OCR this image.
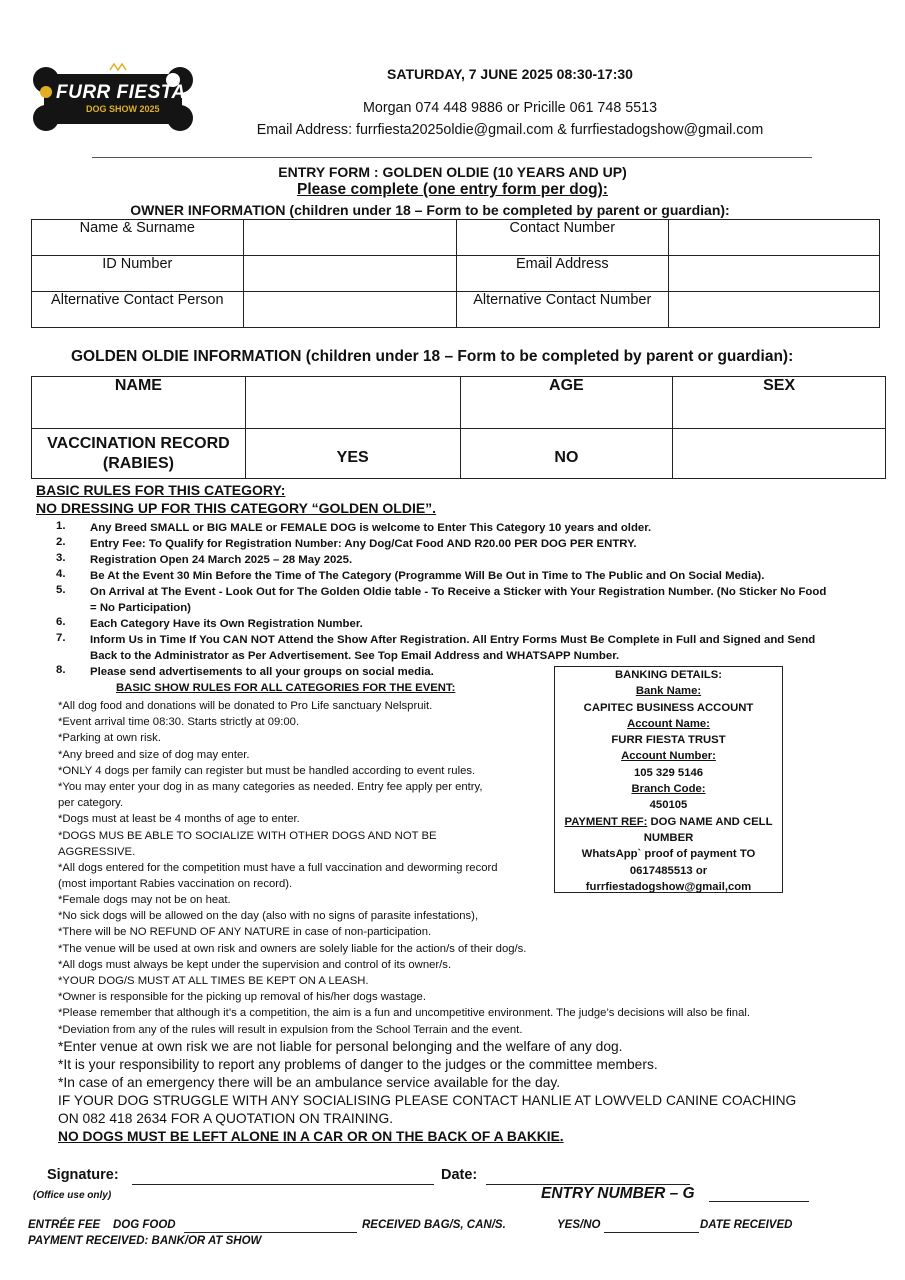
FURR FIESTA
DOG SHOW 2025
SATURDAY, 7 JUNE 2025 08:30-17:30
Morgan 074 448 9886 or Pricille 061 748 5513
Email Address: furrfiesta2025oldie@gmail.com & furrfiestadogshow@gmail.com
ENTRY FORM : GOLDEN OLDIE (10 YEARS AND UP)
Please complete (one entry form per dog):
OWNER INFORMATION (children under 18 – Form to be completed by parent or guardian):
Name & Surname		Contact Number	
ID Number		Email Address	
Alternative Contact Person		Alternative Contact Number	
GOLDEN OLDIE INFORMATION (children under 18 – Form to be completed by parent or guardian):
NAME		AGE	SEX
VACCINATION RECORD
(RABIES)	YES	NO	
BASIC RULES FOR THIS CATEGORY:
NO DRESSING UP FOR THIS CATEGORY “GOLDEN OLDIE”.
1. Any Breed SMALL or BIG MALE or FEMALE DOG is welcome to Enter This Category 10 years and older.
2. Entry Fee: To Qualify for Registration Number: Any Dog/Cat Food AND R20.00 PER DOG PER ENTRY.
3. Registration Open 24 March 2025 – 28 May 2025.
4. Be At the Event 30 Min Before the Time of The Category (Programme Will Be Out in Time to The Public and On Social Media).
5. On Arrival at The Event - Look Out for The Golden Oldie table - To Receive a Sticker with Your Registration Number. (No Sticker No Food = No Participation)
6. Each Category Have its Own Registration Number.
7. Inform Us in Time If You CAN NOT Attend the Show After Registration. All Entry Forms Must Be Complete in Full and Signed and Send Back to the Administrator as Per Advertisement. See Top Email Address and WHATSAPP Number.
8. Please send advertisements to all your groups on social media.
BASIC SHOW RULES FOR ALL CATEGORIES FOR THE EVENT:
*All dog food and donations will be donated to Pro Life sanctuary Nelspruit.
*Event arrival time 08:30. Starts strictly at 09:00.
*Parking at own risk.
*Any breed and size of dog may enter.
*ONLY 4 dogs per family can register but must be handled according to event rules.
*You may enter your dog in as many categories as needed. Entry fee apply per entry,
per category.
*Dogs must at least be 4 months of age to enter.
*DOGS MUS BE ABLE TO SOCIALIZE WITH OTHER DOGS AND NOT BE
AGGRESSIVE.
*All dogs entered for the competition must have a full vaccination and deworming record
(most important Rabies vaccination on record).
*Female dogs may not be on heat.
*No sick dogs will be allowed on the day (also with no signs of parasite infestations),
*There will be NO REFUND OF ANY NATURE in case of non-participation.
*The venue will be used at own risk and owners are solely liable for the action/s of their dog/s.
*All dogs must always be kept under the supervision and control of its owner/s.
*YOUR DOG/S MUST AT ALL TIMES BE KEPT ON A LEASH.
*Owner is responsible for the picking up removal of his/her dogs wastage.
*Please remember that although it’s a competition, the aim is a fun and uncompetitive environment. The judge’s decisions will also be final.
*Deviation from any of the rules will result in expulsion from the School Terrain and the event.
*Enter venue at own risk we are not liable for personal belonging and the welfare of any dog.
*It is your responsibility to report any problems of danger to the judges or the committee members.
*In case of an emergency there will be an ambulance service available for the day.
IF YOUR DOG STRUGGLE WITH ANY SOCIALISING PLEASE CONTACT HANLIE AT LOWVELD CANINE COACHING
ON 082 418 2634 FOR A QUOTATION ON TRAINING.
NO DOGS MUST BE LEFT ALONE IN A CAR OR ON THE BACK OF A BAKKIE.
BANKING DETAILS:
Bank Name:
CAPITEC BUSINESS ACCOUNT
Account Name:
FURR FIESTA TRUST
Account Number:
105 329 5146
Branch Code:
450105
PAYMENT REF: DOG NAME AND CELL
NUMBER
WhatsApp` proof of payment TO
0617485513 or
furrfiestadogshow@gmail,com
Signature:	Date:
(Office use only)	ENTRY NUMBER – G
ENTRÉE FEE DOG FOOD	RECEIVED BAG/S, CAN/S.	YES/NO	DATE RECEIVED
PAYMENT RECEIVED: BANK/OR AT SHOW
